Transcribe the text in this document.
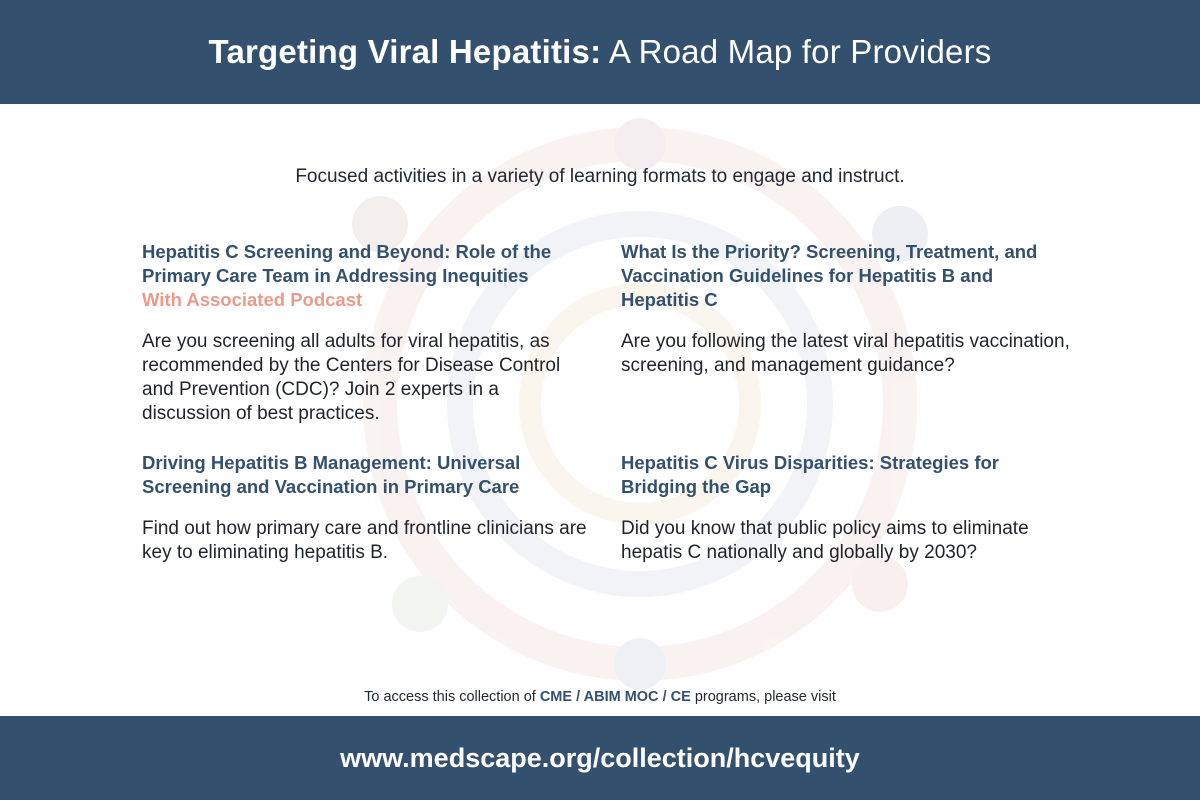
Targeting Viral Hepatitis: A Road Map for Providers
Focused activities in a variety of learning formats to engage and instruct.

Hepatitis C Screening and Beyond: Role of the Primary Care Team in Addressing Inequities

With Associated Podcast

Are you screening all adults for viral hepatitis, as recommended by the Centers for Disease Control and Prevention (CDC)? Join 2 experts in a discussion of best practices.

What Is the Priority? Screening, Treatment, and Vaccination Guidelines for Hepatitis B and Hepatitis C

Are you following the latest viral hepatitis vaccination, screening, and management guidance?

Driving Hepatitis B Management: Universal Screening and Vaccination in Primary Care

Find out how primary care and frontline clinicians are key to eliminating hepatitis B.

Hepatitis C Virus Disparities: Strategies for Bridging the Gap

Did you know that public policy aims to eliminate hepatis C nationally and globally by 2030?

To access this collection of CME / ABIM MOC / CE programs, please visit
www.medscape.org/collection/hcvequity
